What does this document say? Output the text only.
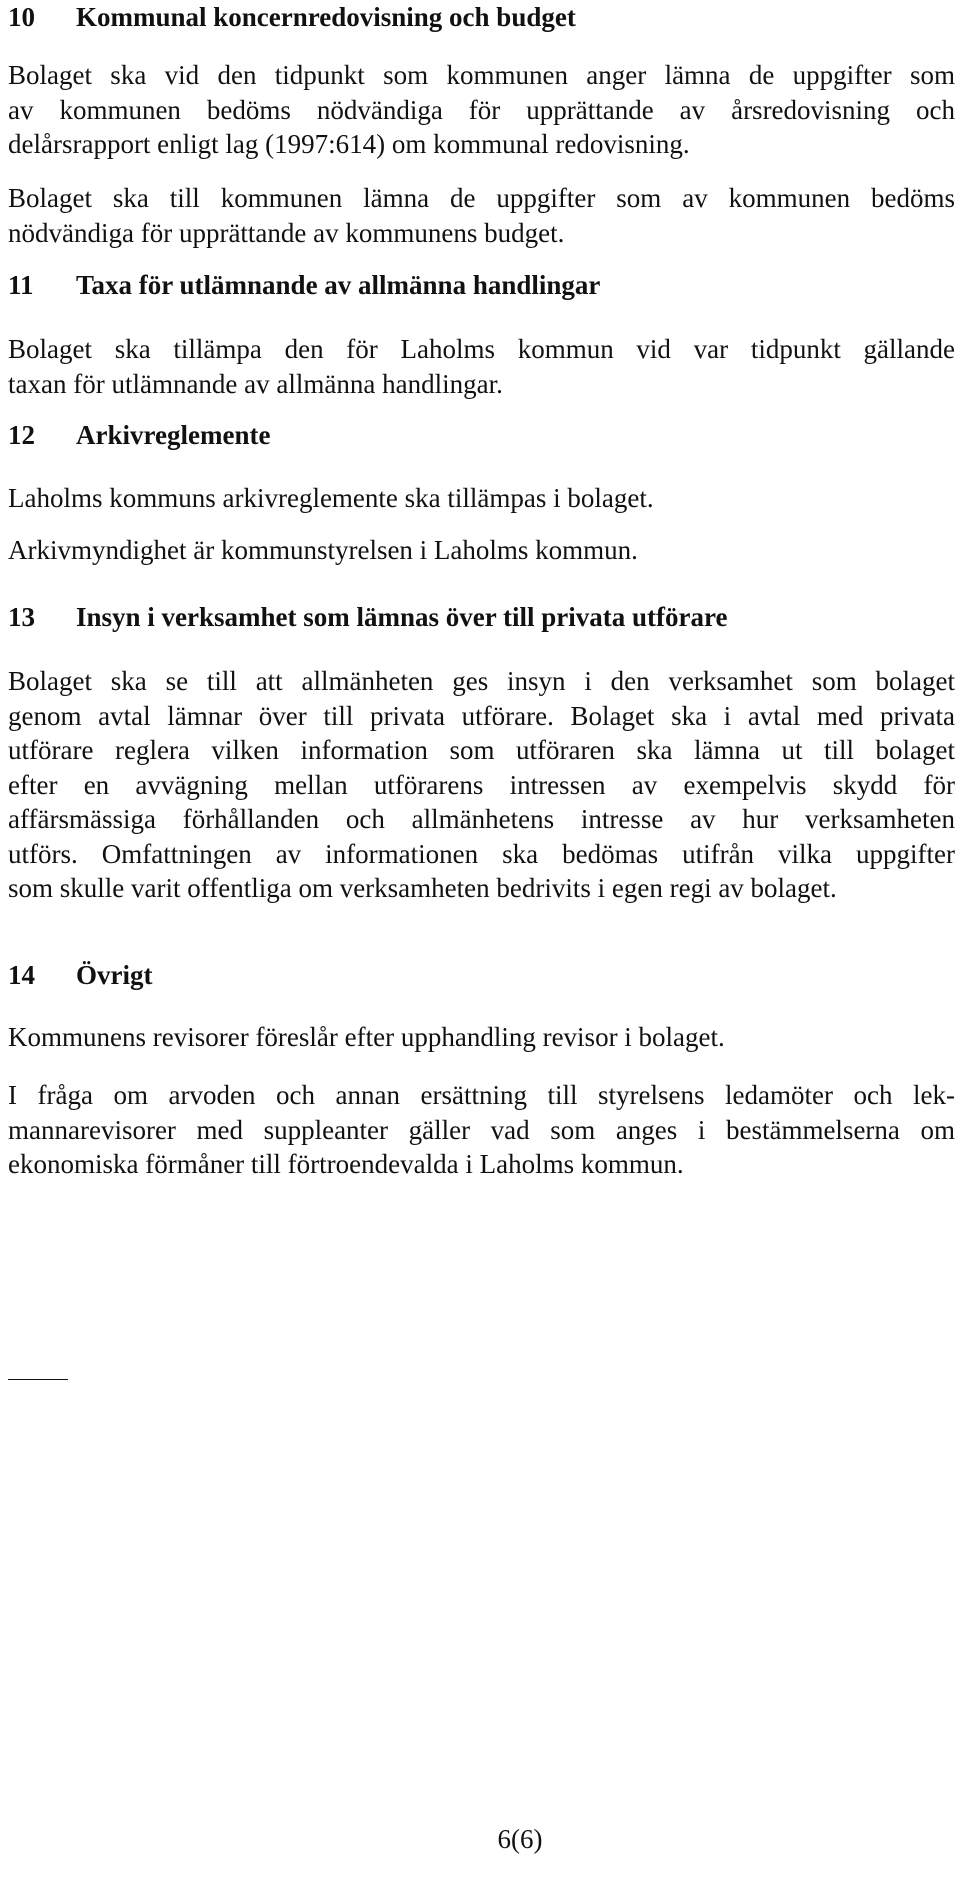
10 Kommunal koncernredovisning och budget
Bolaget ska vid den tidpunkt som kommunen anger lämna de uppgifter som
av kommunen bedöms nödvändiga för upprättande av årsredovisning och
delårsrapport enligt lag (1997:614) om kommunal redovisning.
Bolaget ska till kommunen lämna de uppgifter som av kommunen bedöms
nödvändiga för upprättande av kommunens budget.
11 Taxa för utlämnande av allmänna handlingar
Bolaget ska tillämpa den för Laholms kommun vid var tidpunkt gällande
taxan för utlämnande av allmänna handlingar.
12 Arkivreglemente
Laholms kommuns arkivreglemente ska tillämpas i bolaget.
Arkivmyndighet är kommunstyrelsen i Laholms kommun.
13 Insyn i verksamhet som lämnas över till privata utförare
Bolaget ska se till att allmänheten ges insyn i den verksamhet som bolaget
genom avtal lämnar över till privata utförare. Bolaget ska i avtal med privata
utförare reglera vilken information som utföraren ska lämna ut till bolaget
efter en avvägning mellan utförarens intressen av exempelvis skydd för
affärsmässiga förhållanden och allmänhetens intresse av hur verksamheten
utförs. Omfattningen av informationen ska bedömas utifrån vilka uppgifter
som skulle varit offentliga om verksamheten bedrivits i egen regi av bolaget.
14 Övrigt
Kommunens revisorer föreslår efter upphandling revisor i bolaget.
I fråga om arvoden och annan ersättning till styrelsens ledamöter och lek-
mannarevisorer med suppleanter gäller vad som anges i bestämmelserna om
ekonomiska förmåner till förtroendevalda i Laholms kommun.
6(6)
